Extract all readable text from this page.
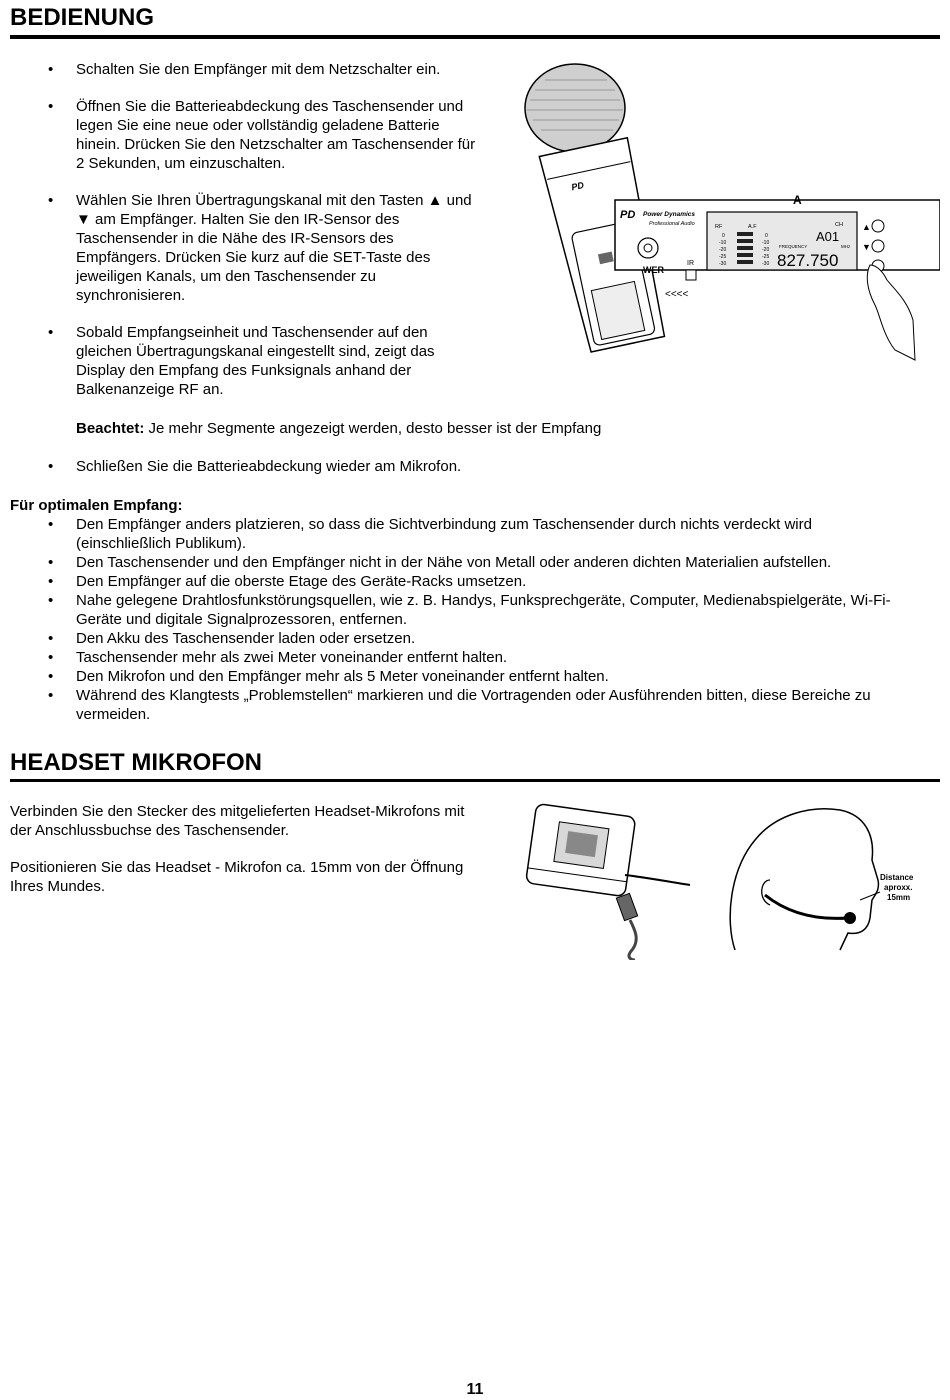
BEDIENUNG
• Schalten Sie den Empfänger mit dem Netzschalter ein.
• Öffnen Sie die Batterieabdeckung des Taschensender und legen Sie eine neue oder vollständig geladene Batterie hinein. Drücken Sie den Netzschalter am Taschensender für 2 Sekunden, um einzuschalten.
• Wählen Sie Ihren Übertragungskanal mit den Tasten ▲ und ▼ am Empfänger. Halten Sie den IR-Sensor des Taschensender in die Nähe des IR-Sensors des Empfängers. Drücken Sie kurz auf die SET-Taste des jeweiligen Kanals, um den Taschensender zu synchronisieren.
• Sobald Empfangseinheit und Taschensender auf den gleichen Übertragungskanal eingestellt sind, zeigt das Display den Empfang des Funksignals anhand der Balkenanzeige RF an.

Beachtet: Je mehr Segmente angezeigt werden, desto besser ist der Empfang

• Schließen Sie die Batterieabdeckung wieder am Mikrofon.
PD
PD Power Dynamics
Professional Audio
WER
IR
<<<<
A
RF	A.F	CH
0
-10
-20
-25
-30
0
-10
-20
-25
-30
A01
FREQUENCY	MHz
827.750
▲
▼

Für optimalen Empfang:

• Den Empfänger anders platzieren, so dass die Sichtverbindung zum Taschensender durch nichts verdeckt wird (einschließlich Publikum).
• Den Taschensender und den Empfänger nicht in der Nähe von Metall oder anderen dichten Materialien aufstellen.
• Den Empfänger auf die oberste Etage des Geräte-Racks umsetzen.
• Nahe gelegene Drahtlosfunkstörungsquellen, wie z. B. Handys, Funksprechgeräte, Computer, Medienabspielgeräte, Wi-Fi-Geräte und digitale Signalprozessoren, entfernen.
• Den Akku des Taschensender laden oder ersetzen.
• Taschensender mehr als zwei Meter voneinander entfernt halten.
• Den Mikrofon und den Empfänger mehr als 5 Meter voneinander entfernt halten.
• Während des Klangtests „Problemstellen“ markieren und die Vortragenden oder Ausführenden bitten, diese Bereiche zu vermeiden.
HEADSET MIKROFON

Verbinden Sie den Stecker des mitgelieferten Headset-Mikrofons mit der Anschlussbuchse des Taschensender.

Positionieren Sie das Headset - Mikrofon ca. 15mm von der Öffnung Ihres Mundes.

Distance
aproxx.
15mm
11
